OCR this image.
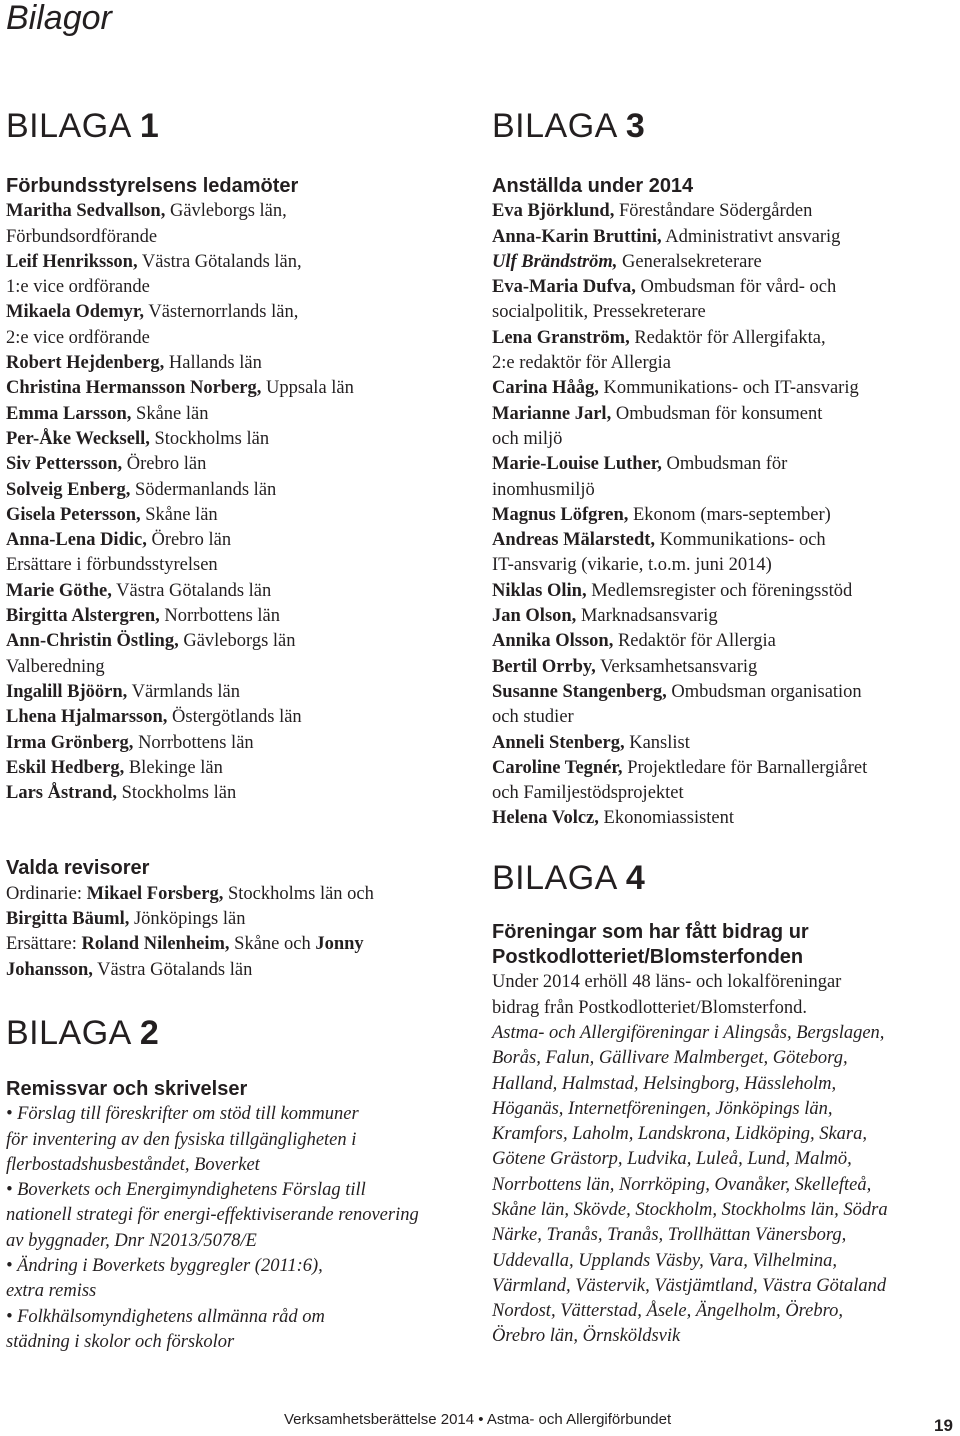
Bilagor
BILAGA 1
Förbundsstyrelsens ledamöter
Maritha Sedvallson, Gävleborgs län,
Förbundsordförande
Leif Henriksson, Västra Götalands län,
1:e vice ordförande
Mikaela Odemyr, Västernorrlands län,
2:e vice ordförande
Robert Hejdenberg, Hallands län
Christina Hermansson Norberg, Uppsala län
Emma Larsson, Skåne län
Per-Åke Wecksell, Stockholms län
Siv Pettersson, Örebro län
Solveig Enberg, Södermanlands län
Gisela Petersson, Skåne län
Anna-Lena Didic, Örebro län
Ersättare i förbundsstyrelsen
Marie Göthe, Västra Götalands län
Birgitta Alstergren, Norrbottens län
Ann-Christin Östling, Gävleborgs län
Valberedning
Ingalill Bjöörn, Värmlands län
Lhena Hjalmarsson, Östergötlands län
Irma Grönberg, Norrbottens län
Eskil Hedberg, Blekinge län
Lars Åstrand, Stockholms län
Valda revisorer

Ordinarie: Mikael Forsberg, Stockholms län och
Birgitta Bäuml, Jönköpings län
Ersättare: Roland Nilenheim, Skåne och Jonny
Johansson, Västra Götalands län

BILAGA 2
Remissvar och skrivelser

• Förslag till föreskrifter om stöd till kommuner
för inventering av den fysiska tillgängligheten i
flerbostadshusbeståndet, Boverket

• Boverkets och Energimyndighetens Förslag till
nationell strategi för energi-effektiviserande renovering
av byggnader, Dnr N2013/5078/E

• Ändring i Boverkets byggregler (2011:6),
extra remiss

• Folkhälsomyndighetens allmänna råd om
städning i skolor och förskolor

BILAGA 3
Anställda under 2014
Eva Björklund, Föreståndare Södergården
Anna-Karin Bruttini, Administrativt ansvarig
Ulf Brändström, Generalsekreterare
Eva-Maria Dufva, Ombudsman för vård- och
socialpolitik, Pressekreterare
Lena Granström, Redaktör för Allergifakta,
2:e redaktör för Allergia
Carina Hååg, Kommunikations- och IT-ansvarig
Marianne Jarl, Ombudsman för konsument
och miljö
Marie-Louise Luther, Ombudsman för
inomhusmiljö
Magnus Löfgren, Ekonom (mars-september)
Andreas Mälarstedt, Kommunikations- och
IT-ansvarig (vikarie, t.o.m. juni 2014)
Niklas Olin, Medlemsregister och föreningsstöd
Jan Olson, Marknadsansvarig
Annika Olsson, Redaktör för Allergia
Bertil Orrby, Verksamhetsansvarig
Susanne Stangenberg, Ombudsman organisation
och studier
Anneli Stenberg, Kanslist
Caroline Tegnér, Projektledare för Barnallergiåret
och Familjestödsprojektet
Helena Volcz, Ekonomiassistent
BILAGA 4
Föreningar som har fått bidrag ur
Postkodlotteriet/Blomsterfonden

Under 2014 erhöll 48 läns- och lokalföreningar
bidrag från Postkodlotteriet/Blomsterfond.

Astma- och Allergiföreningar i Alingsås, Bergslagen,
Borås, Falun, Gällivare Malmberget, Göteborg,
Halland, Halmstad, Helsingborg, Hässleholm,
Höganäs, Internetföreningen, Jönköpings län,
Kramfors, Laholm, Landskrona, Lidköping, Skara,
Götene Grästorp, Ludvika, Luleå, Lund, Malmö,
Norrbottens län, Norrköping, Ovanåker, Skellefteå,
Skåne län, Skövde, Stockholm, Stockholms län, Södra
Närke, Tranås, Tranås, Trollhättan Vänersborg,
Uddevalla, Upplands Väsby, Vara, Vilhelmina,
Värmland, Västervik, Västjämtland, Västra Götaland
Nordost, Vätterstad, Åsele, Ängelholm, Örebro,
Örebro län, Örnsköldsvik
Verksamhetsberättelse 2014 • Astma- och Allergiförbundet	19
